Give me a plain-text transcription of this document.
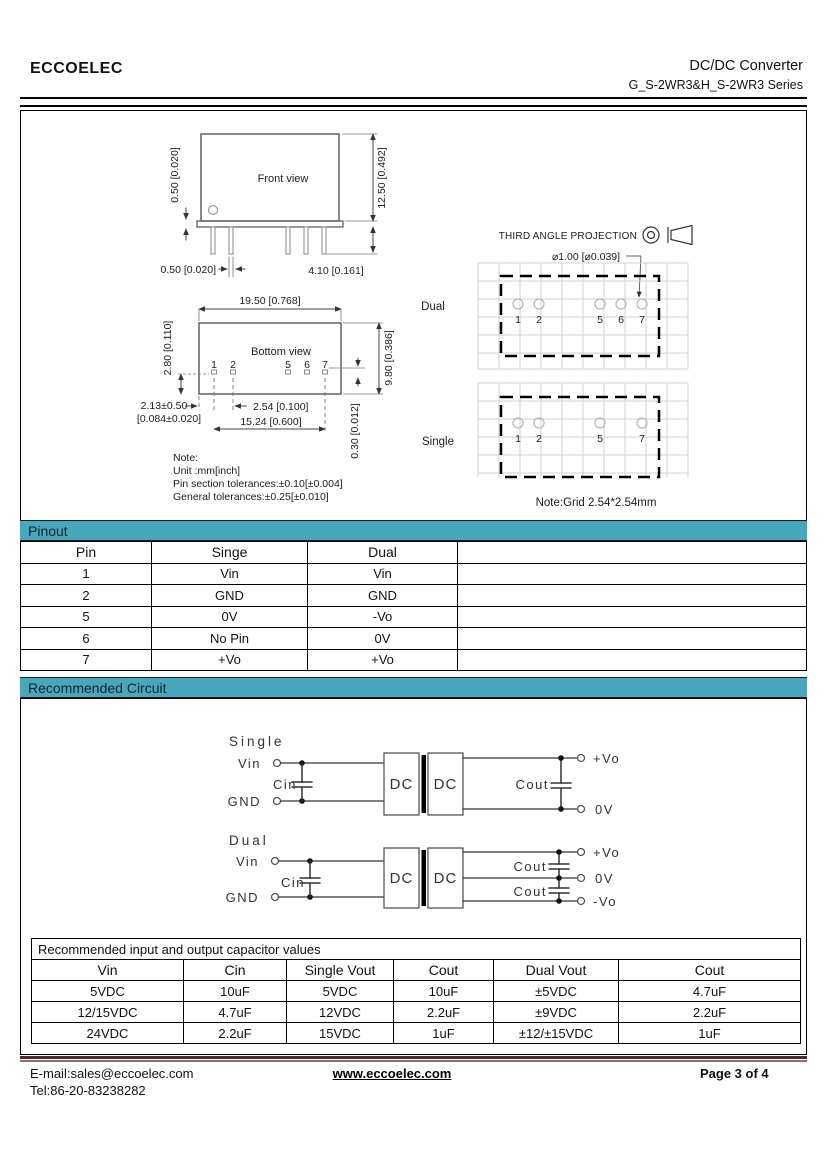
ECCOELEC	DC/DC Converter
G_S-2WR3&H_S-2WR3 Series
Front view
0.50 [0.020]	12.50 [0.492]
0.50 [0.020]	4.10 [0.161]
Bottom view
1 2	5 6 7
19.50 [0.768]
2.80 [0.110]
2.13±0.50
[0.084±0.020]
2.54 [0.100]
15.24 [0.600]
9.80 [0.386]
0.30 [0.012]
Note:
Unit :mm[inch]
Pin section tolerances:±0.10[±0.004]
General tolerances:±0.25[±0.010]
THIRD ANGLE PROJECTION
⌀1.00 [⌀0.039]
1 2	5 6 7
Dual
1 2	5	7
Single
Note:Grid 2.54*2.54mm
Pinout
Pin	Singe	Dual	
1	Vin	Vin	
2	GND	GND	
5	0V	-Vo	
6	No Pin	0V	
7	+Vo	+Vo	
Recommended Circuit
Single
Vin
GND
Cin	DC DC	Cout
+Vo
0V
Dual
Vin
GND
Cin	DC DC
Cout
Cout
+Vo
0V
-Vo
Recommended input and output capacitor values					
Vin	Cin	Single Vout	Cout	Dual Vout	Cout
5VDC	10uF	5VDC	10uF	±5VDC	4.7uF
12/15VDC	4.7uF	12VDC	2.2uF	±9VDC	2.2uF
24VDC	2.2uF	15VDC	1uF	±12/±15VDC	1uF
E-mail:sales@eccoelec.com
Tel:86-20-83238282
www.eccoelec.com	Page 3 of 4
